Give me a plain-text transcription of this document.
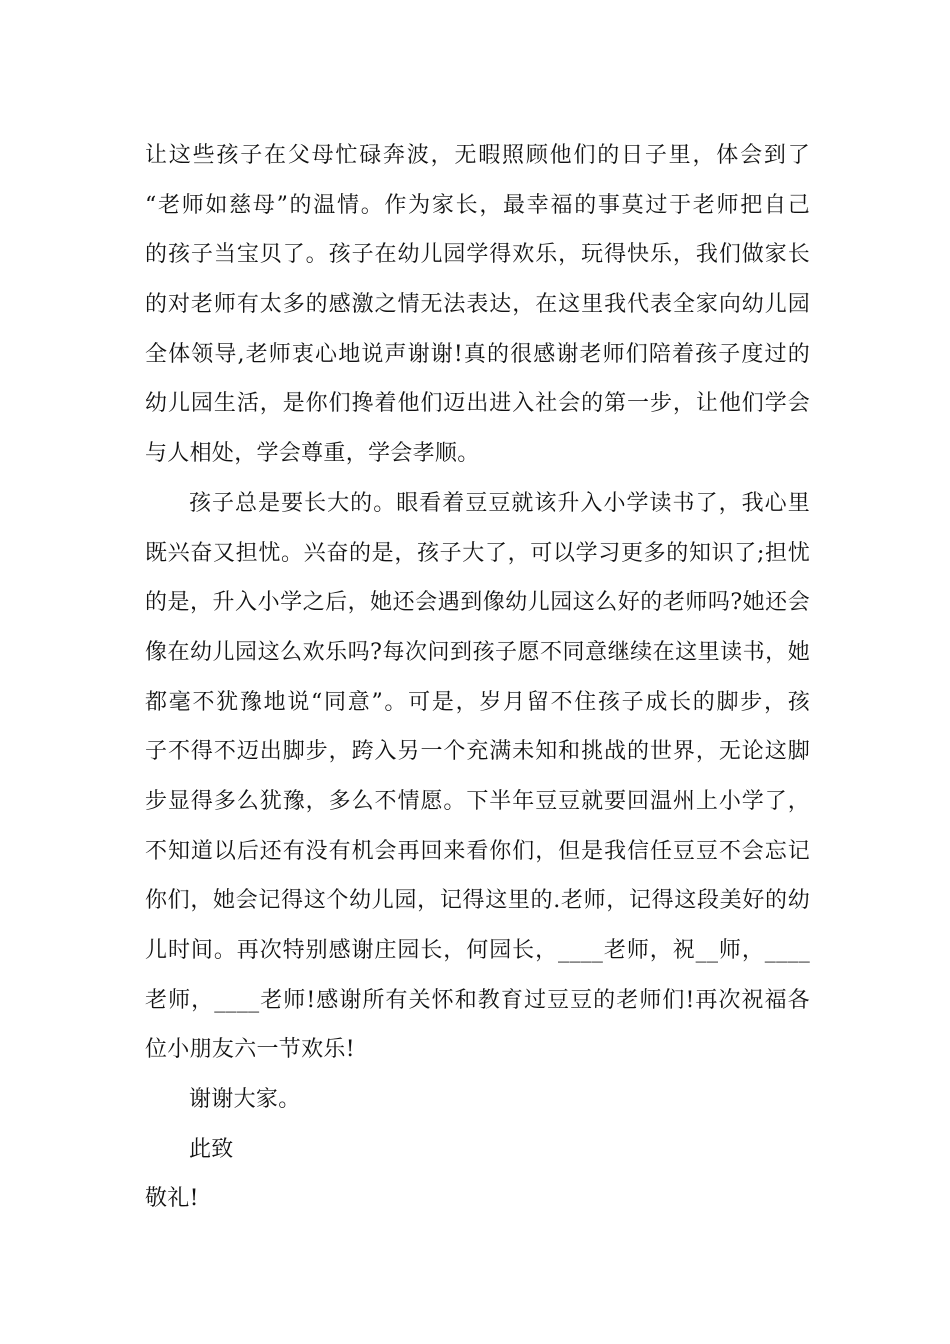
让这些孩子在父母忙碌奔波，无暇照顾他们的日子里，体会到了
“老师如慈母”的温情。作为家长，最幸福的事莫过于老师把自己
的孩子当宝贝了。孩子在幼儿园学得欢乐，玩得快乐，我们做家长
的对老师有太多的感激之情无法表达，在这里我代表全家向幼儿园
全体领导,老师衷心地说声谢谢!真的很感谢老师们陪着孩子度过的
幼儿园生活，是你们搀着他们迈出进入社会的第一步，让他们学会
与人相处，学会尊重，学会孝顺。
孩子总是要长大的。眼看着豆豆就该升入小学读书了，我心里
既兴奋又担忧。兴奋的是，孩子大了，可以学习更多的知识了;担忧
的是，升入小学之后，她还会遇到像幼儿园这么好的老师吗?她还会
像在幼儿园这么欢乐吗?每次问到孩子愿不同意继续在这里读书，她
都毫不犹豫地说“同意”。可是，岁月留不住孩子成长的脚步，孩
子不得不迈出脚步，跨入另一个充满未知和挑战的世界，无论这脚
步显得多么犹豫，多么不情愿。下半年豆豆就要回温州上小学了，
不知道以后还有没有机会再回来看你们，但是我信任豆豆不会忘记
你们，她会记得这个幼儿园，记得这里的.老师，记得这段美好的幼
儿时间。再次特别感谢庄园长，何园长，____老师，祝__师，____
老师，____老师!感谢所有关怀和教育过豆豆的老师们!再次祝福各
位小朋友六一节欢乐!
谢谢大家。
此致
敬礼!
